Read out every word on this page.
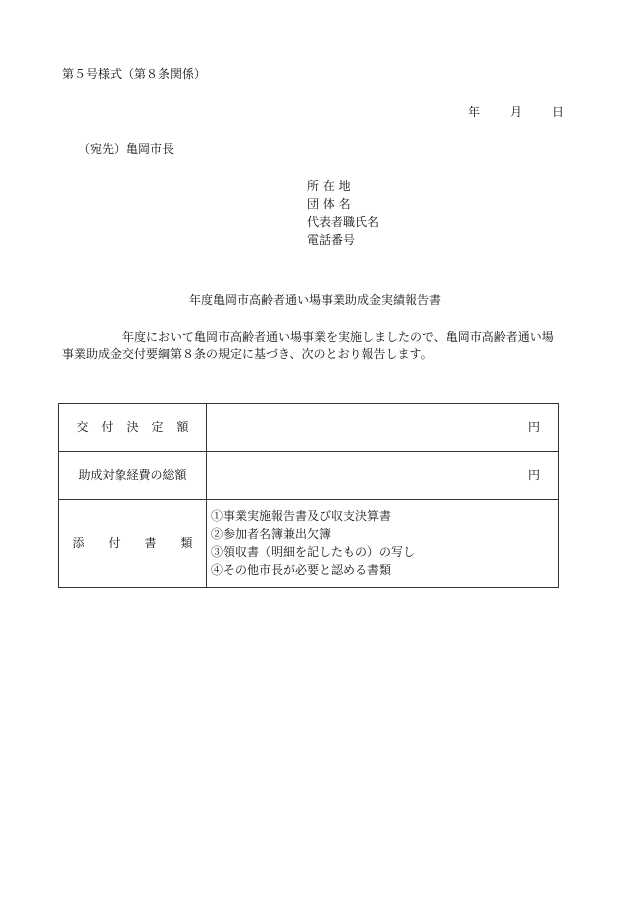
第５号様式（第８条関係）
年	月	日
（宛先）亀岡市長
所 在 地
団 体 名
代表者職氏名
電話番号
年度亀岡市高齢者通い場事業助成金実績報告書

年度において亀岡市高齢者通い場事業を実施しましたので、亀岡市高齢者通い場

事業助成金交付要綱第８条の規定に基づき、次のとおり報告します。

交付決定額	円
助成対象経費の総額	円
添付書類	①事業実施報告書及び収支決算書
②参加者名簿兼出欠簿
③領収書（明細を記したもの）の写し
④その他市長が必要と認める書類
